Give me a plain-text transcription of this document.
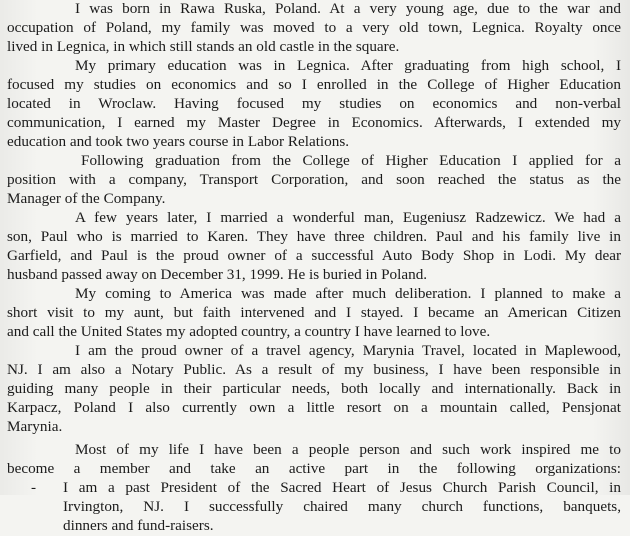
I was born in Rawa Ruska, Poland. At a very young age, due to the war and
occupation of Poland, my family was moved to a very old town, Legnica. Royalty once
lived in Legnica, in which still stands an old castle in the square.
My primary education was in Legnica. After graduating from high school, I
focused my studies on economics and so I enrolled in the College of Higher Education
located in Wroclaw. Having focused my studies on economics and non-verbal
communication, I earned my Master Degree in Economics. Afterwards, I extended my
education and took two years course in Labor Relations.
Following graduation from the College of Higher Education I applied for a
position with a company, Transport Corporation, and soon reached the status as the
Manager of the Company.
A few years later, I married a wonderful man, Eugeniusz Radzewicz. We had a
son, Paul who is married to Karen. They have three children. Paul and his family live in
Garfield, and Paul is the proud owner of a successful Auto Body Shop in Lodi. My dear
husband passed away on December 31, 1999. He is buried in Poland.
My coming to America was made after much deliberation. I planned to make a
short visit to my aunt, but faith intervened and I stayed. I became an American Citizen
and call the United States my adopted country, a country I have learned to love.
I am the proud owner of a travel agency, Marynia Travel, located in Maplewood,
NJ. I am also a Notary Public. As a result of my business, I have been responsible in
guiding many people in their particular needs, both locally and internationally. Back in
Karpacz, Poland I also currently own a little resort on a mountain called, Pensjonat
Marynia.
Most of my life I have been a people person and such work inspired me to
become a member and take an active part in the following organizations:
- I am a past President of the Sacred Heart of Jesus Church Parish Council, in
Irvington, NJ. I successfully chaired many church functions, banquets,
dinners and fund-raisers.
